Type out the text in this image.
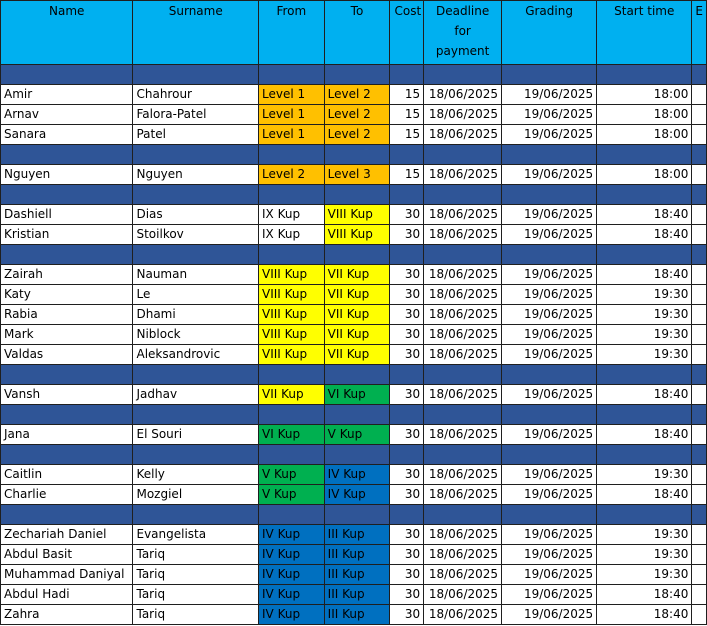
Name	Surname	From	To	Cost	Deadline for payment	Grading	Start time	E

Amir	Chahrour	Level 1	Level 2	15	18/06/2025	19/06/2025	18:00	
Arnav	Falora-Patel	Level 1	Level 2	15	18/06/2025	19/06/2025	18:00	
Sanara	Patel	Level 1	Level 2	15	18/06/2025	19/06/2025	18:00	

Nguyen	Nguyen	Level 2	Level 3	15	18/06/2025	19/06/2025	18:00	

Dashiell	Dias	IX Kup	VIII Kup	30	18/06/2025	19/06/2025	18:40	
Kristian	Stoilkov	IX Kup	VIII Kup	30	18/06/2025	19/06/2025	18:40	

Zairah	Nauman	VIII Kup	VII Kup	30	18/06/2025	19/06/2025	18:40	
Katy	Le	VIII Kup	VII Kup	30	18/06/2025	19/06/2025	19:30	
Rabia	Dhami	VIII Kup	VII Kup	30	18/06/2025	19/06/2025	19:30	
Mark	Niblock	VIII Kup	VII Kup	30	18/06/2025	19/06/2025	19:30	
Valdas	Aleksandrovic	VIII Kup	VII Kup	30	18/06/2025	19/06/2025	19:30	

Vansh	Jadhav	VII Kup	VI Kup	30	18/06/2025	19/06/2025	18:40	

Jana	El Souri	VI Kup	V Kup	30	18/06/2025	19/06/2025	18:40	

Caitlin	Kelly	V Kup	IV Kup	30	18/06/2025	19/06/2025	19:30	
Charlie	Mozgiel	V Kup	IV Kup	30	18/06/2025	19/06/2025	18:40	

Zechariah Daniel	Evangelista	IV Kup	III Kup	30	18/06/2025	19/06/2025	19:30	
Abdul Basit	Tariq	IV Kup	III Kup	30	18/06/2025	19/06/2025	19:30	
Muhammad Daniyal	Tariq	IV Kup	III Kup	30	18/06/2025	19/06/2025	19:30	
Abdul Hadi	Tariq	IV Kup	III Kup	30	18/06/2025	19/06/2025	18:40	
Zahra	Tariq	IV Kup	III Kup	30	18/06/2025	19/06/2025	18:40	
